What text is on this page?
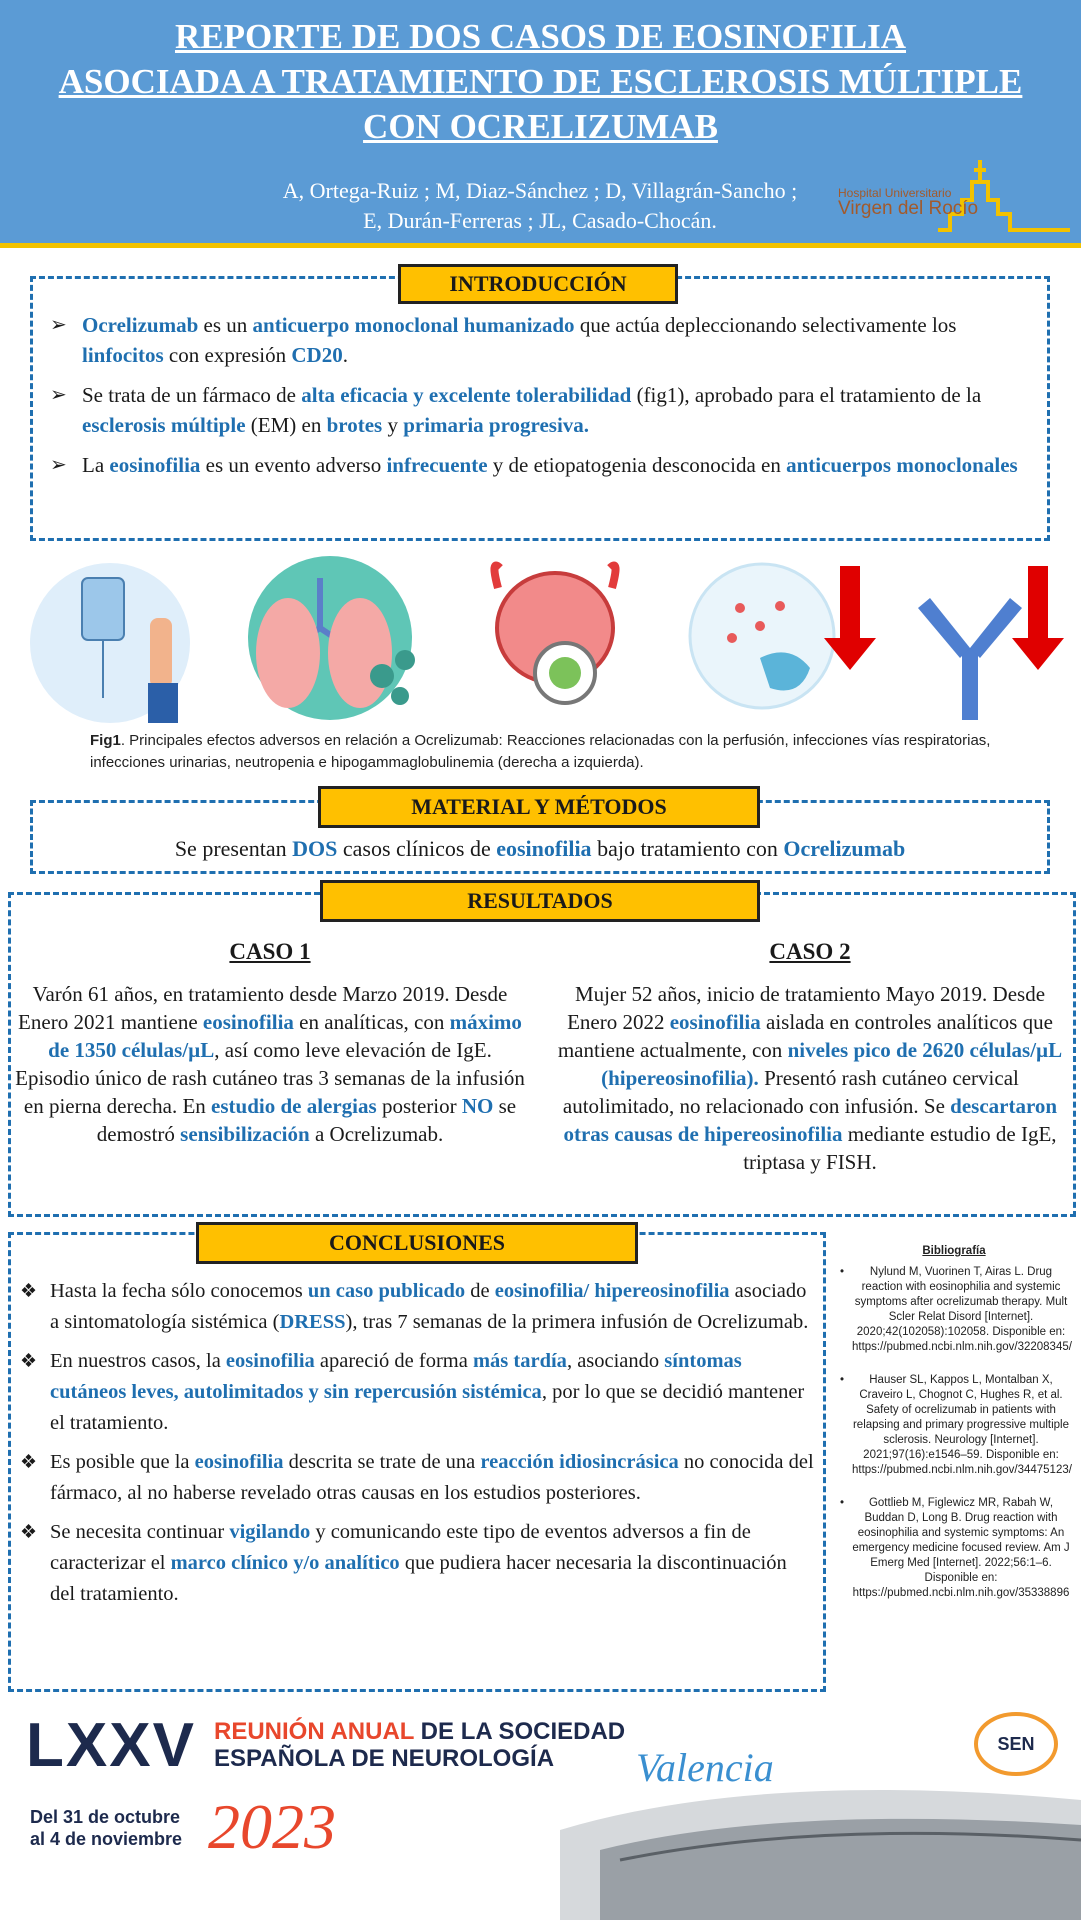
REPORTE DE DOS CASOS DE EOSINOFILIA
ASOCIADA A TRATAMIENTO DE ESCLEROSIS MÚLTIPLE
CON OCRELIZUMAB
A, Ortega-Ruiz ; M, Diaz-Sánchez ; D, Villagrán-Sancho ;
E, Durán-Ferreras ; JL, Casado-Chocán.
Hospital Universitario
Virgen del Rocío
INTRODUCCIÓN
➢ Ocrelizumab es un anticuerpo monoclonal humanizado que actúa depleccionando selectivamente los linfocitos con expresión CD20.
➢ Se trata de un fármaco de alta eficacia y excelente tolerabilidad (fig1), aprobado para el tratamiento de la esclerosis múltiple (EM) en brotes y primaria progresiva.
➢ La eosinofilia es un evento adverso infrecuente y de etiopatogenia desconocida en anticuerpos monoclonales
Fig1. Principales efectos adversos en relación a Ocrelizumab: Reacciones relacionadas con la perfusión, infecciones vías respiratorias, infecciones urinarias, neutropenia e hipogammaglobulinemia (derecha a izquierda).
MATERIAL Y MÉTODOS
Se presentan DOS casos clínicos de eosinofilia bajo tratamiento con Ocrelizumab
RESULTADOS
CASO 1
Varón 61 años, en tratamiento desde Marzo 2019. Desde Enero 2021 mantiene eosinofilia en analíticas, con máximo de 1350 células/µL, así como leve elevación de IgE. Episodio único de rash cutáneo tras 3 semanas de la infusión en pierna derecha. En estudio de alergias posterior NO se demostró sensibilización a Ocrelizumab.
CASO 2
Mujer 52 años, inicio de tratamiento Mayo 2019. Desde Enero 2022 eosinofilia aislada en controles analíticos que mantiene actualmente, con niveles pico de 2620 células/µL (hipereosinofilia). Presentó rash cutáneo cervical autolimitado, no relacionado con infusión. Se descartaron otras causas de hipereosinofilia mediante estudio de IgE, triptasa y FISH.
CONCLUSIONES
❖ Hasta la fecha sólo conocemos un caso publicado de eosinofilia/ hipereosinofilia asociado a sintomatología sistémica (DRESS), tras 7 semanas de la primera infusión de Ocrelizumab.
❖ En nuestros casos, la eosinofilia apareció de forma más tardía, asociando síntomas cutáneos leves, autolimitados y sin repercusión sistémica, por lo que se decidió mantener el tratamiento.
❖ Es posible que la eosinofilia descrita se trate de una reacción idiosincrásica no conocida del fármaco, al no haberse revelado otras causas en los estudios posteriores.
❖ Se necesita continuar vigilando y comunicando este tipo de eventos adversos a fin de caracterizar el marco clínico y/o analítico que pudiera hacer necesaria la discontinuación del tratamiento.
Bibliografía
• Nylund M, Vuorinen T, Airas L. Drug reaction with eosinophilia and systemic symptoms after ocrelizumab therapy. Mult Scler Relat Disord [Internet]. 2020;42(102058):102058. Disponible en: https://pubmed.ncbi.nlm.nih.gov/32208345/
• Hauser SL, Kappos L, Montalban X, Craveiro L, Chognot C, Hughes R, et al. Safety of ocrelizumab in patients with relapsing and primary progressive multiple sclerosis. Neurology [Internet]. 2021;97(16):e1546–59. Disponible en: https://pubmed.ncbi.nlm.nih.gov/34475123/
• Gottlieb M, Figlewicz MR, Rabah W, Buddan D, Long B. Drug reaction with eosinophilia and systemic symptoms: An emergency medicine focused review. Am J Emerg Med [Internet]. 2022;56:1–6. Disponible en: https://pubmed.ncbi.nlm.nih.gov/35338896
LXXV REUNIÓN ANUAL DE LA SOCIEDAD
ESPAÑOLA DE NEUROLOGÍA
Del 31 de octubre
al 4 de noviembre 2023
Valencia
SEN
